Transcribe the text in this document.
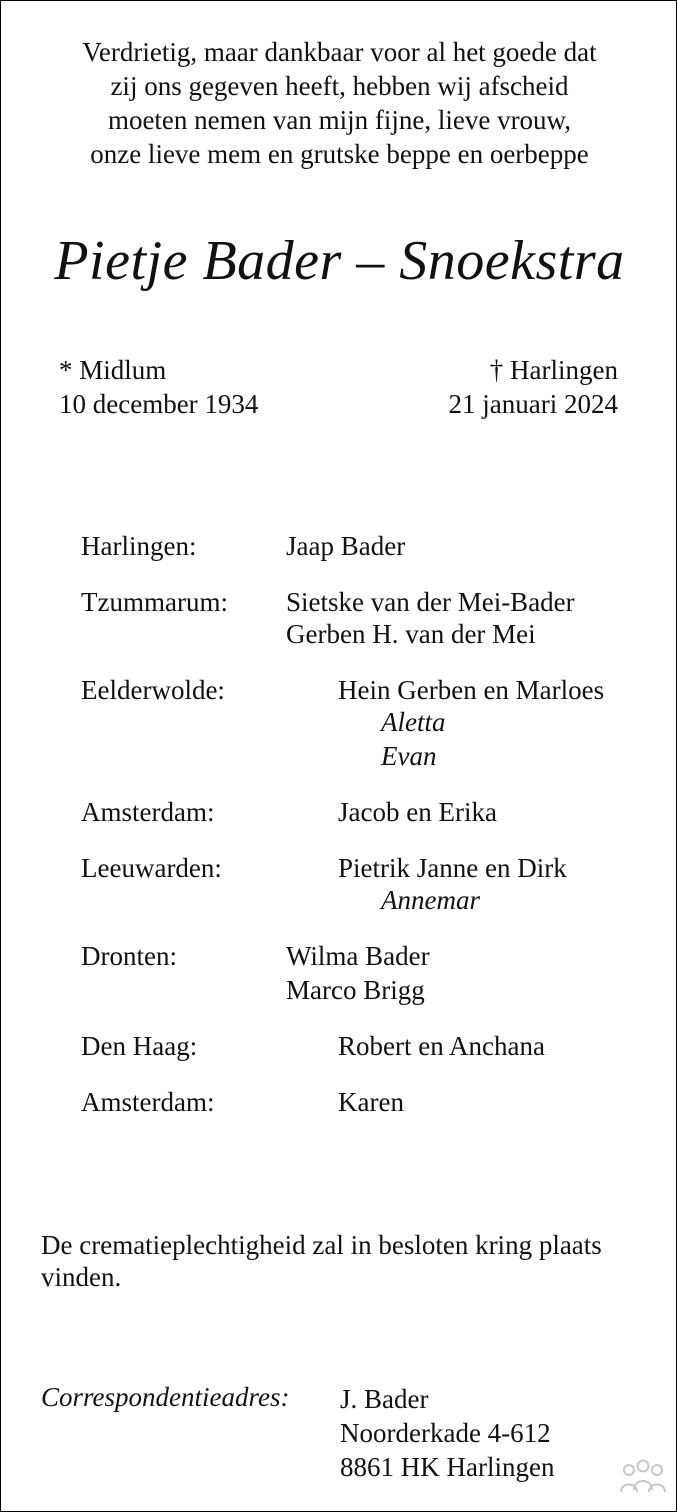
Verdrietig, maar dankbaar voor al het goede dat
zij ons gegeven heeft, hebben wij afscheid
moeten nemen van mijn fijne, lieve vrouw,
onze lieve mem en grutske beppe en oerbeppe
Pietje Bader – Snoekstra
* Midlum
10 december 1934
† Harlingen
21 januari 2024
Harlingen:	Jaap Bader
Tzummarum: Sietske van der Mei-Bader
Gerben H. van der Mei
Eelderwolde:	Hein Gerben en Marloes
Aletta
Evan
Amsterdam:	Jacob en Erika
Leeuwarden:	Pietrik Janne en Dirk
Annemar
Dronten:	Wilma Bader
Marco Brigg
Den Haag:	Robert en Anchana
Amsterdam:	Karen
De crematieplechtigheid zal in besloten kring plaats vinden.
Correspondentieadres: J. Bader
Noorderkade 4-612
8861 HK Harlingen
